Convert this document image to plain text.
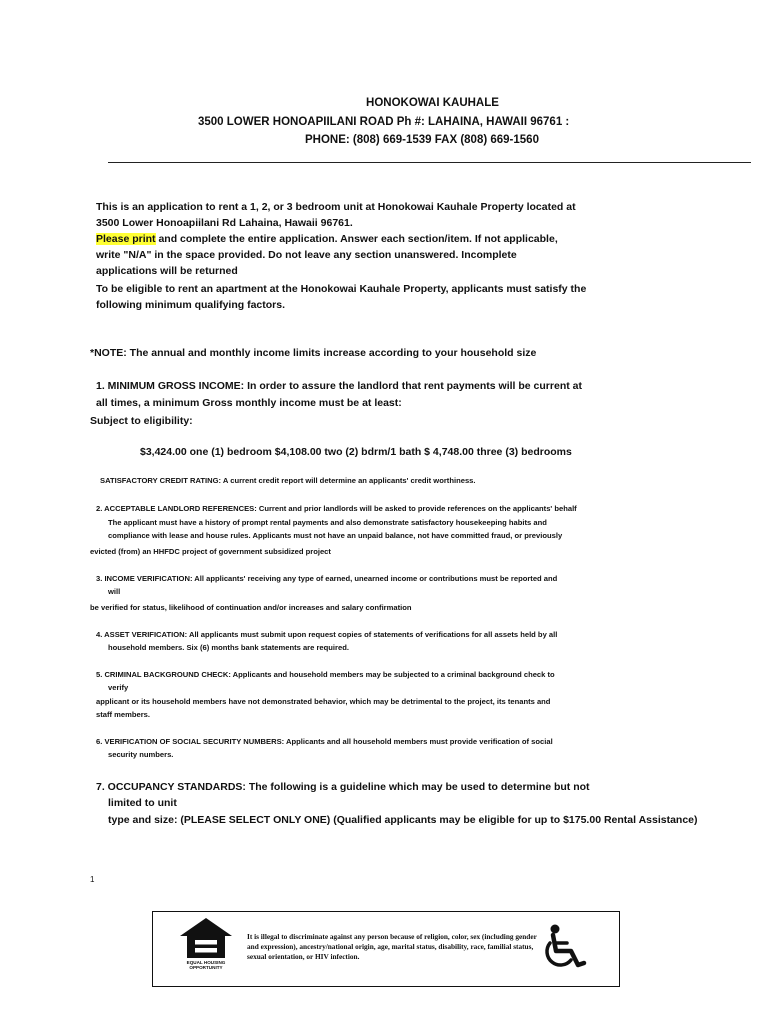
HONOKOWAI KAUHALE
3500 LOWER HONOAPIILANI ROAD Ph #: LAHAINA, HAWAII 96761 :
PHONE: (808) 669-1539 FAX (808) 669-1560
This is an application to rent a 1, 2, or 3 bedroom unit at Honokowai Kauhale Property located at
3500 Lower Honoapiilani Rd Lahaina, Hawaii 96761.
Please print and complete the entire application. Answer each section/item. If not applicable,
write "N/A" in the space provided. Do not leave any section unanswered. Incomplete
applications will be returned
To be eligible to rent an apartment at the Honokowai Kauhale Property, applicants must satisfy the
following minimum qualifying factors.
*NOTE: The annual and monthly income limits increase according to your household size
1. MINIMUM GROSS INCOME: In order to assure the landlord that rent payments will be current at
all times, a minimum Gross monthly income must be at least:
Subject to eligibility:
$3,424.00 one (1) bedroom $4,108.00 two (2) bdrm/1 bath $ 4,748.00 three (3) bedrooms
SATISFACTORY CREDIT RATING: A current credit report will determine an applicants' credit worthiness.
2. ACCEPTABLE LANDLORD REFERENCES: Current and prior landlords will be asked to provide references on the applicants' behalf
The applicant must have a history of prompt rental payments and also demonstrate satisfactory housekeeping habits and
compliance with lease and house rules. Applicants must not have an unpaid balance, not have committed fraud, or previously
evicted (from) an HHFDC project of government subsidized project
3. INCOME VERIFICATION: All applicants' receiving any type of earned, unearned income or contributions must be reported and
will
be verified for status, likelihood of continuation and/or increases and salary confirmation
4. ASSET VERIFICATION: All applicants must submit upon request copies of statements of verifications for all assets held by all
household members. Six (6) months bank statements are required.
5. CRIMINAL BACKGROUND CHECK: Applicants and household members may be subjected to a criminal background check to
verify
applicant or its household members have not demonstrated behavior, which may be detrimental to the project, its tenants and
staff members.
6. VERIFICATION OF SOCIAL SECURITY NUMBERS: Applicants and all household members must provide verification of social
security numbers.
7. OCCUPANCY STANDARDS: The following is a guideline which may be used to determine but not
limited to unit
type and size: (PLEASE SELECT ONLY ONE) (Qualified applicants may be eligible for up to $175.00 Rental Assistance)
1
EQUAL HOUSING
OPPORTUNITY
It is illegal to discriminate against any person because of religion, color, sex (including gender and expression), ancestry/national origin, age, marital status, disability, race, familial status, sexual orientation, or HIV infection.
